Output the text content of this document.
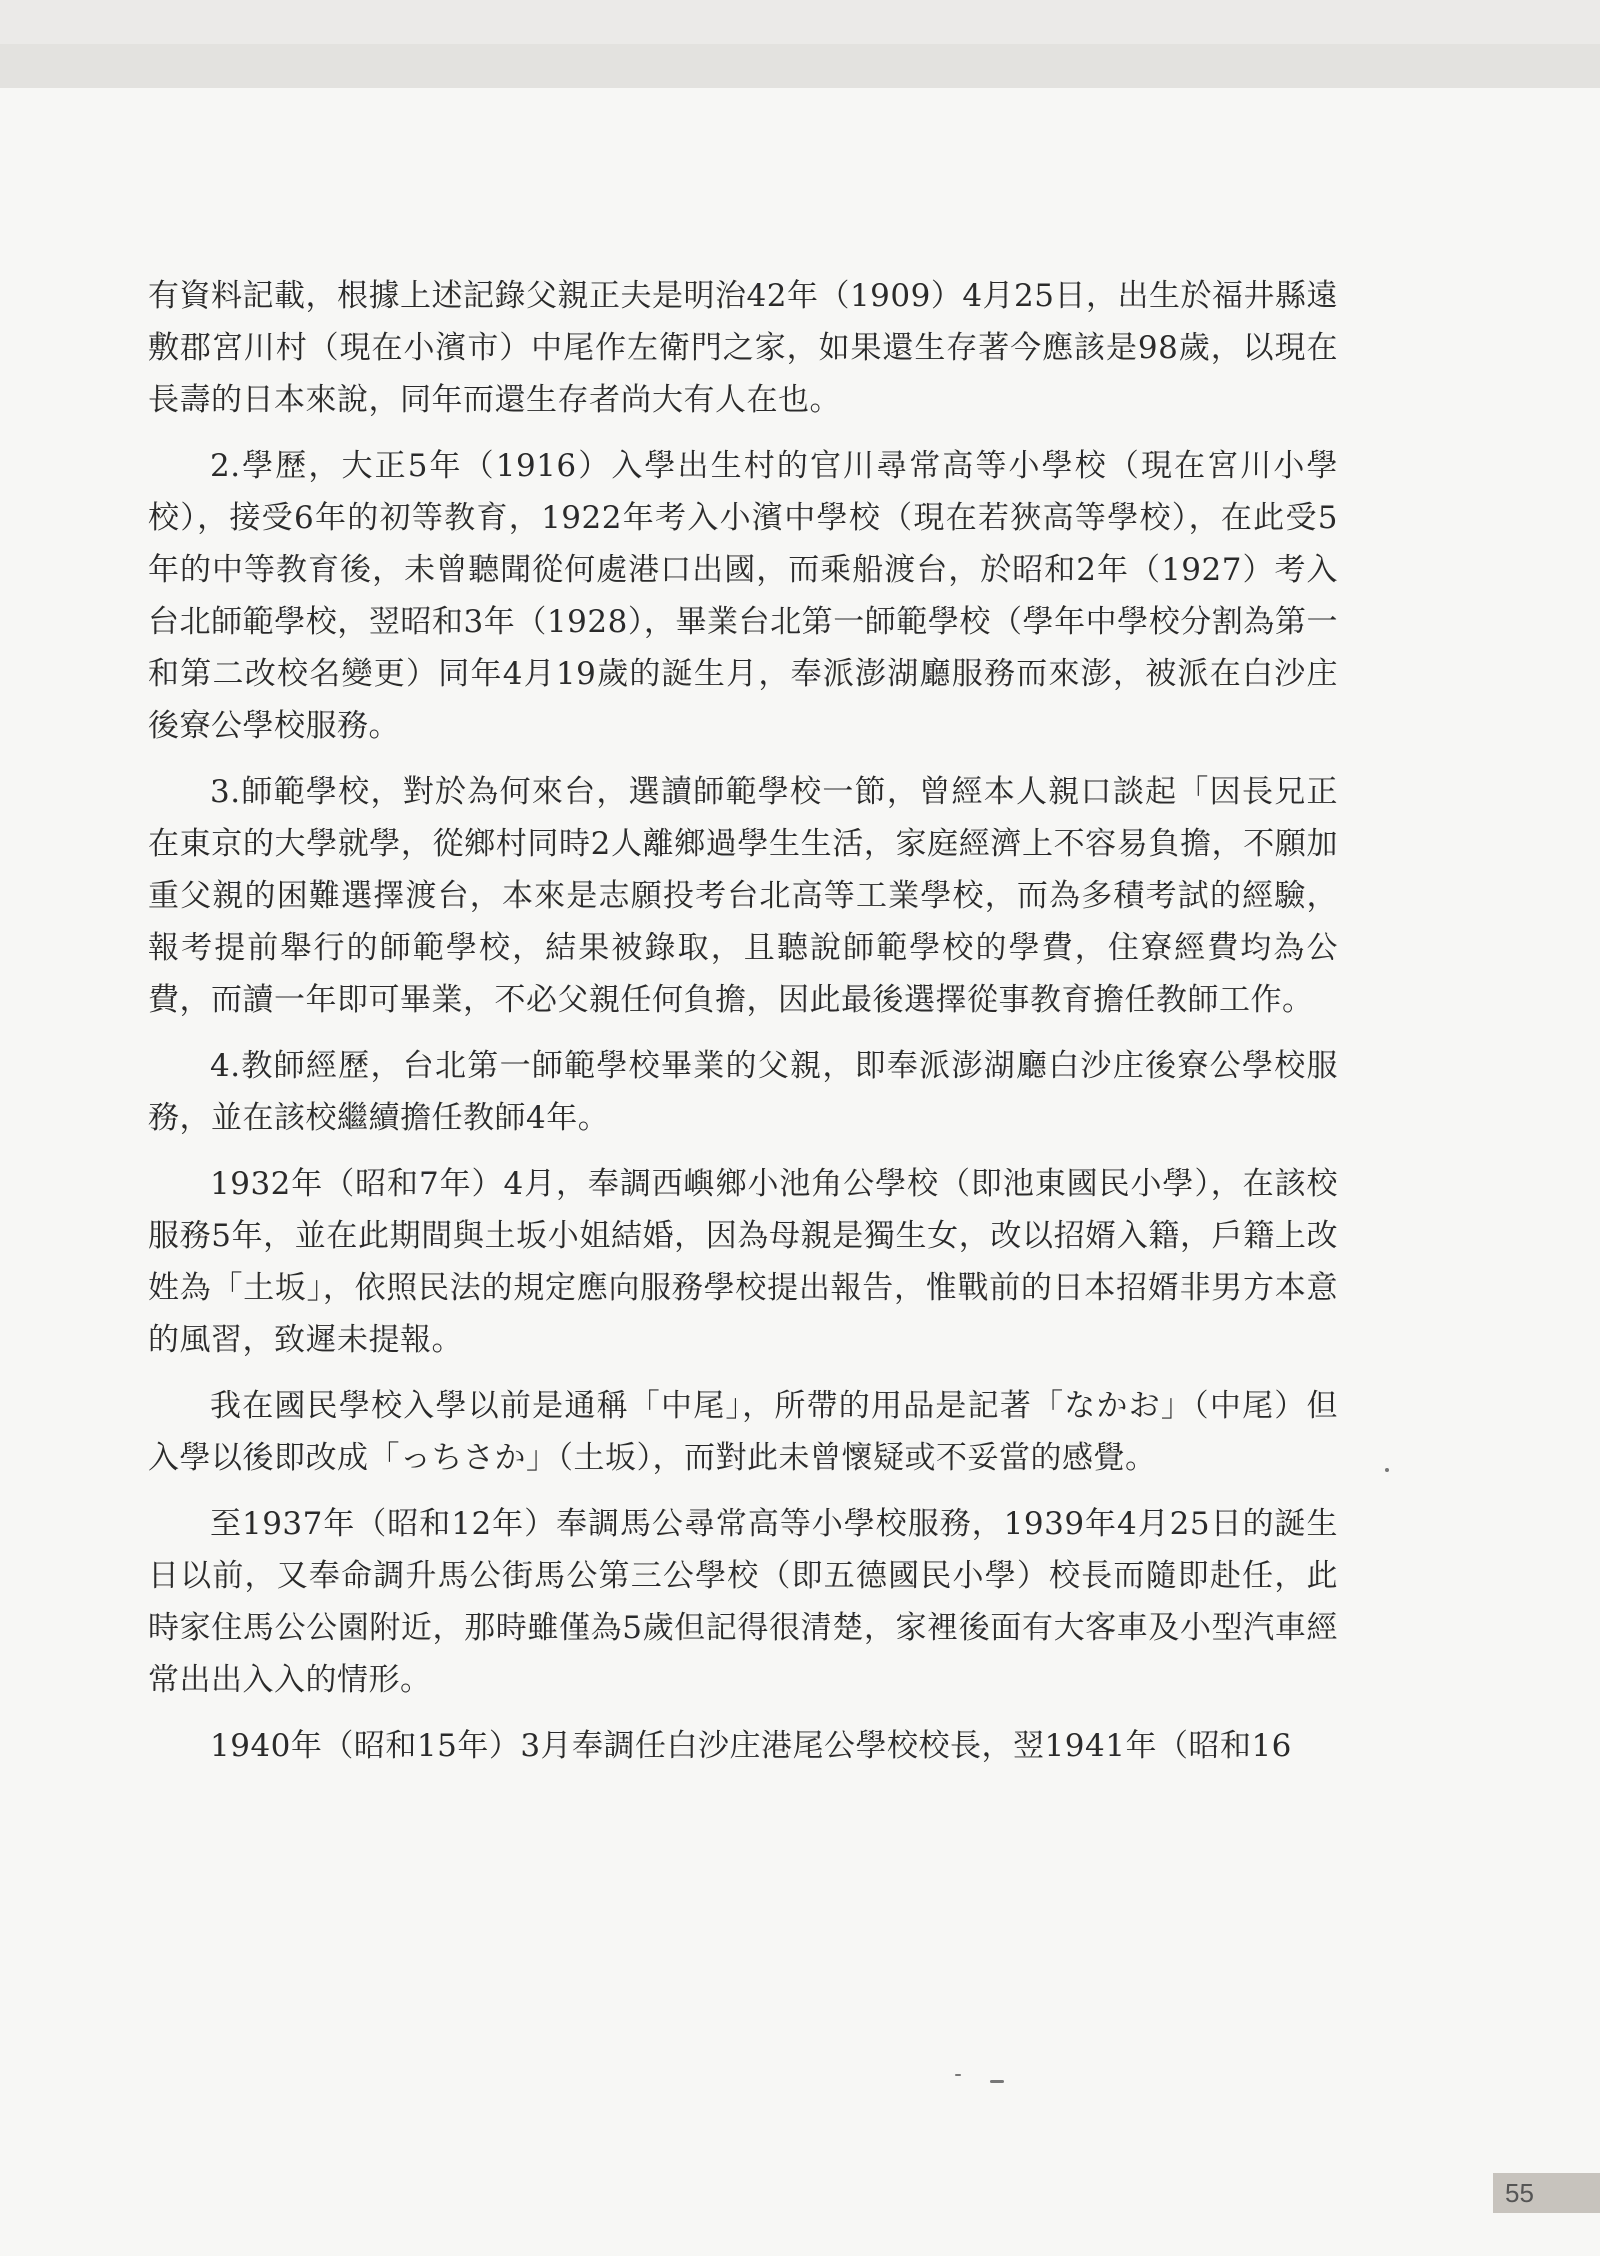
有資料記載，根據上述記錄父親正夫是明治42年（1909）4月25日，出生於福井縣遠敷郡宮川村（現在小濱市）中尾作左衛門之家，如果還生存著今應該是98歲，以現在長壽的日本來說，同年而還生存者尚大有人在也。

2.學歷，大正5年（1916）入學出生村的官川尋常高等小學校（現在宮川小學校），接受6年的初等教育，1922年考入小濱中學校（現在若狹高等學校），在此受5年的中等教育後，未曾聽聞從何處港口出國，而乘船渡台，於昭和2年（1927）考入台北師範學校，翌昭和3年（1928），畢業台北第一師範學校（學年中學校分割為第一和第二改校名變更）同年4月19歲的誕生月，奉派澎湖廳服務而來澎，被派在白沙庄後寮公學校服務。

3.師範學校，對於為何來台，選讀師範學校一節，曾經本人親口談起「因長兄正在東京的大學就學，從鄉村同時2人離鄉過學生生活，家庭經濟上不容易負擔，不願加重父親的困難選擇渡台，本來是志願投考台北高等工業學校，而為多積考試的經驗，報考提前舉行的師範學校，結果被錄取，且聽說師範學校的學費，住寮經費均為公費，而讀一年即可畢業，不必父親任何負擔，因此最後選擇從事教育擔任教師工作。

4.教師經歷，台北第一師範學校畢業的父親，即奉派澎湖廳白沙庄後寮公學校服務，並在該校繼續擔任教師4年。

1932年（昭和7年）4月，奉調西嶼鄉小池角公學校（即池東國民小學），在該校服務5年，並在此期間與土坂小姐結婚，因為母親是獨生女，改以招婿入籍，戶籍上改姓為「土坂」，依照民法的規定應向服務學校提出報告，惟戰前的日本招婿非男方本意的風習，致遲未提報。

我在國民學校入學以前是通稱「中尾」，所帶的用品是記著「なかお」（中尾）但入學以後即改成「っちさか」（土坂），而對此未曾懷疑或不妥當的感覺。

至1937年（昭和12年）奉調馬公尋常高等小學校服務，1939年4月25日的誕生日以前，又奉命調升馬公街馬公第三公學校（即五德國民小學）校長而隨即赴任，此時家住馬公公園附近，那時雖僅為5歲但記得很清楚，家裡後面有大客車及小型汽車經常出出入入的情形。

1940年（昭和15年）3月奉調任白沙庄港尾公學校校長，翌1941年（昭和16

55
